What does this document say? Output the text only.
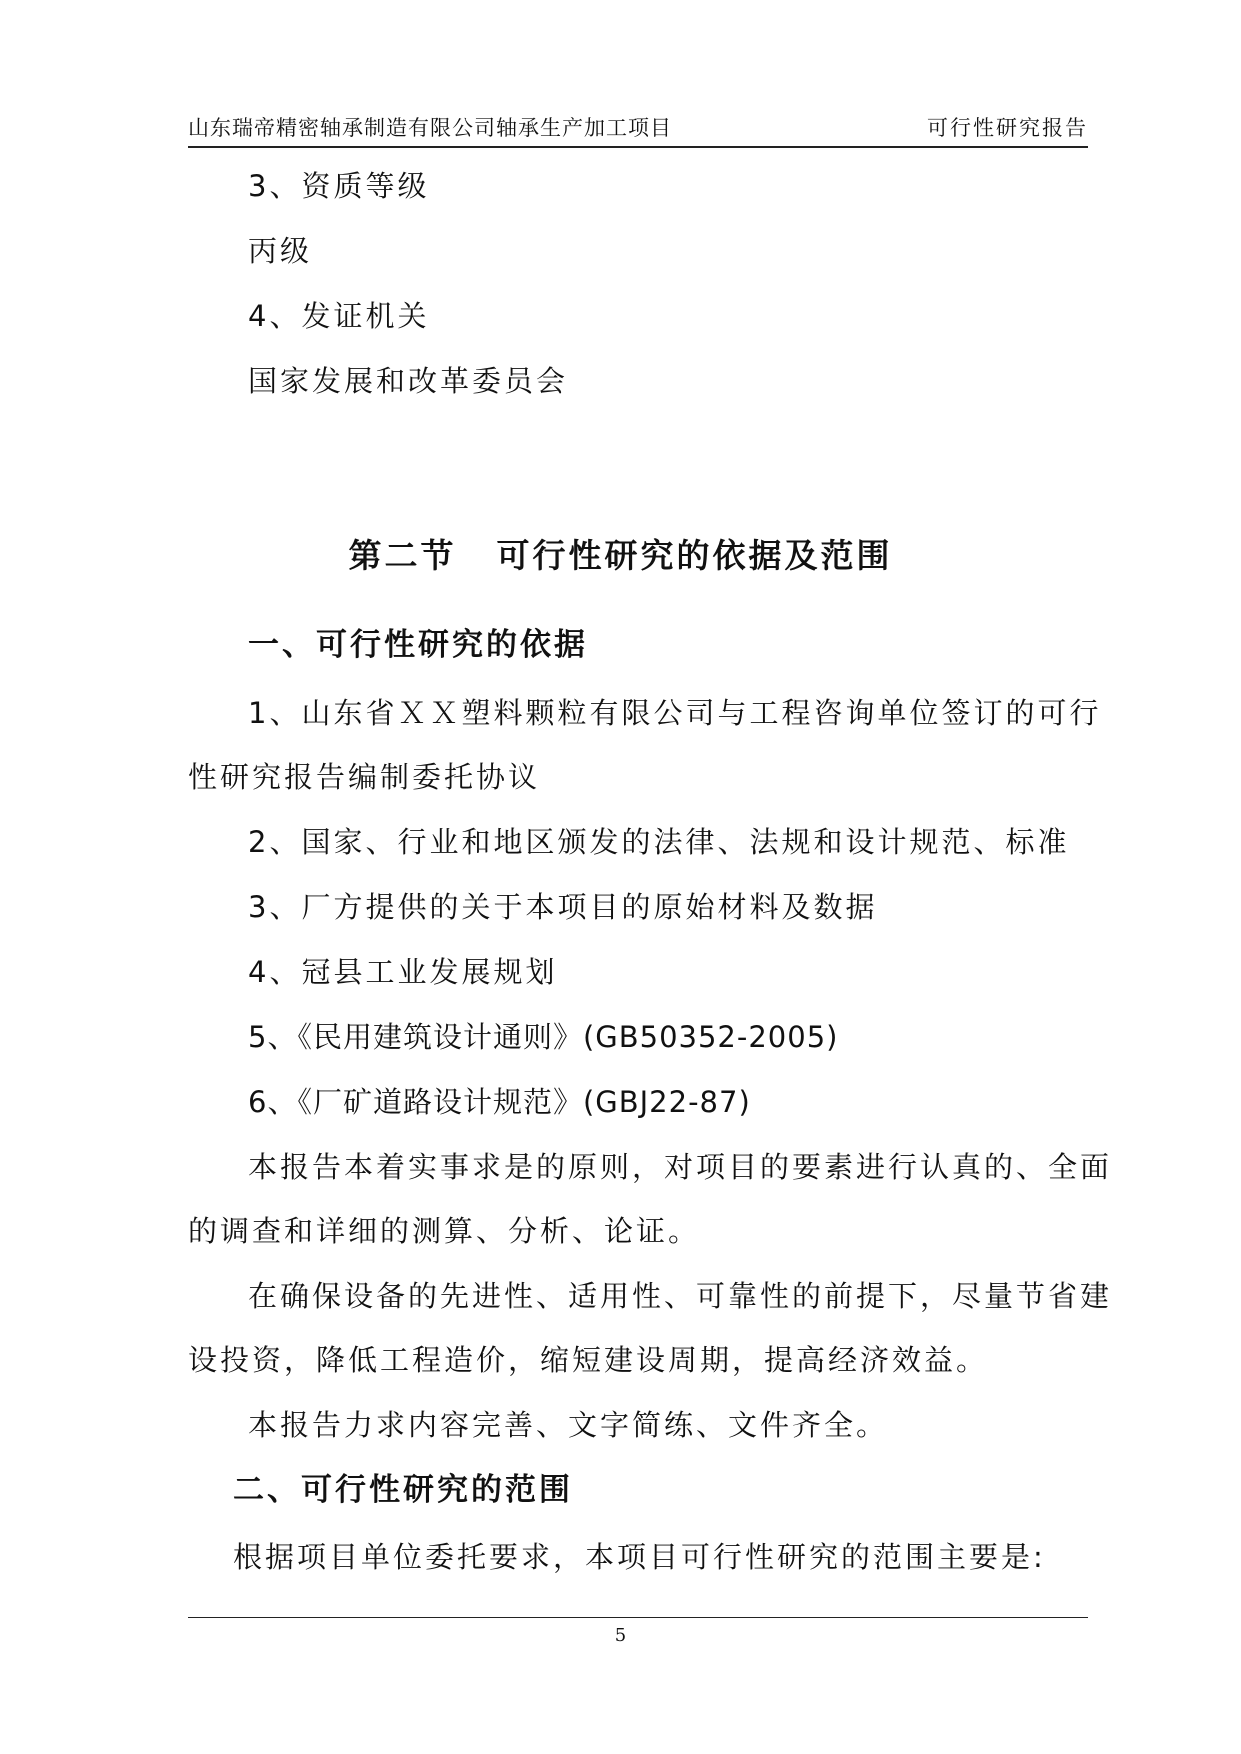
山东瑞帝精密轴承制造有限公司轴承生产加工项目	可行性研究报告
3、资质等级
丙级
4、发证机关
国家发展和改革委员会
第二节 可行性研究的依据及范围
一、可行性研究的依据
1、山东省ＸＸ塑料颗粒有限公司与工程咨询单位签订的可行
性研究报告编制委托协议
2、国家、行业和地区颁发的法律、法规和设计规范、标准
3、厂方提供的关于本项目的原始材料及数据
4、冠县工业发展规划
5、《民用建筑设计通则》(GB50352-2005)
6、《厂矿道路设计规范》(GBJ22-87)
本报告本着实事求是的原则，对项目的要素进行认真的、全面
的调查和详细的测算、分析、论证。
在确保设备的先进性、适用性、可靠性的前提下，尽量节省建
设投资，降低工程造价，缩短建设周期，提高经济效益。
本报告力求内容完善、文字简练、文件齐全。
二、可行性研究的范围
根据项目单位委托要求，本项目可行性研究的范围主要是:
5
